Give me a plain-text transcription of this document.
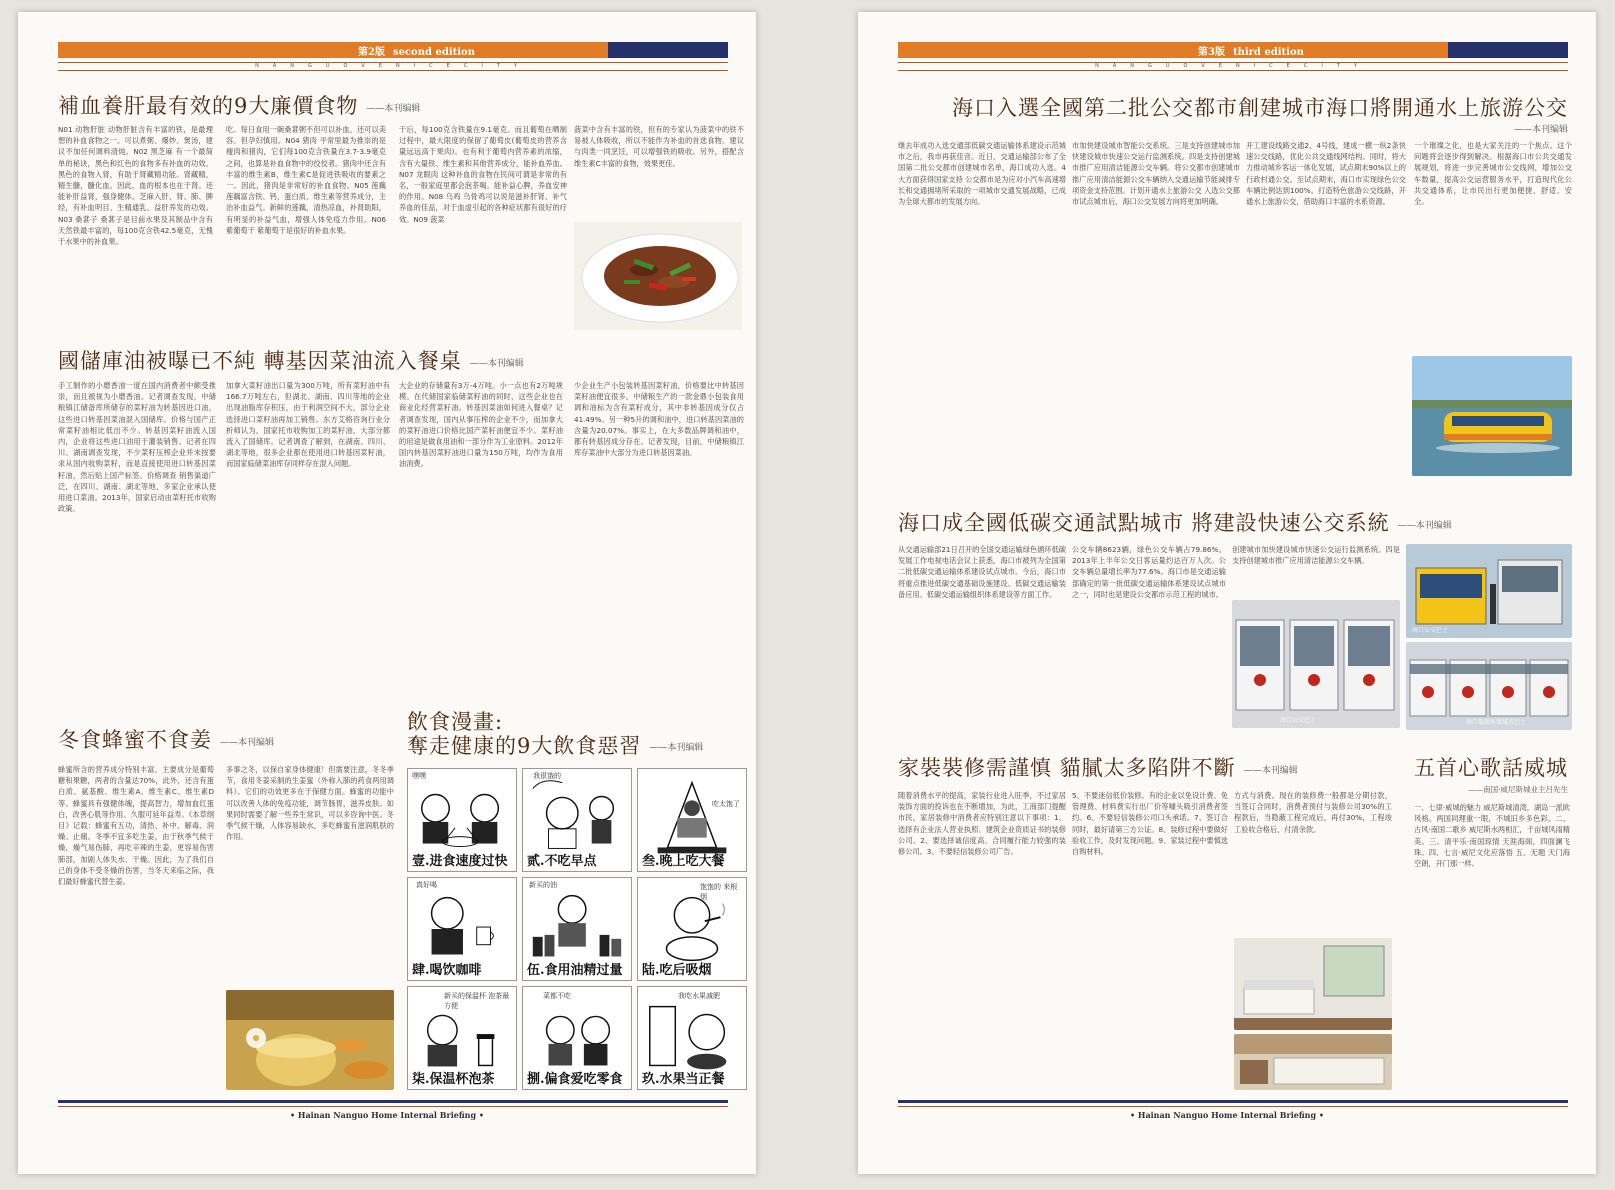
第2版 second edition
NANGUOVENICECITY
補血養肝最有效的9大廉價食物 ——本刊编辑
N01 动物肝脏 动物肝脏含有丰富的铁，是最理想的补血食物之一。可以煮粥、爆炒、煲汤，建议不加任何调料清炖。N02 黑芝麻 有一个最简单的秘诀，黑色和红色的食物多有补血的功效。黑色的食物入肾，有助于肾藏精功能。肾藏精，精生髓，髓化血。因此，血的根本也在于肾。还能补肝益肾，强身健体。芝麻入肝、肾、肺、脾经，有补血明目、生精通乳、益肝养发的功效。N03 桑葚子 桑葚子是目前水果及其制品中含有天然铁最丰富的，每100克含铁42.5毫克，无愧于水果中的补血果。
吃。每日食用一碗桑葚粥不但可以补血，还可以美容。但孕妇慎用。N04 猪肉 平常里最为推崇的是瘦肉和猪肉，它们每100克含铁量在3.7-3.9毫克之间，也算是补血食物中的佼佼者。猪肉中还含有丰富的维生素B，维生素C是促进铁吸收的要素之一。因此，猪肉是非常好的补血食物。N05 莲藕 莲藕富含铁、钙、蛋白质、维生素等营养成分，主治补血益气。新鲜的莲藕，清热凉血，补肾助阳，有明显的补益气血，增强人体免疫力作用。N06 紫葡萄干 紫葡萄干是很好的补血水果。
干后，每100克含铁量在9.1毫克。而且葡萄在晒制过程中，最大限度的保留了葡萄皮(葡萄皮的营养含量远远高于果肉)。也有利于葡萄内营养素的浓缩，含有大量铁、维生素和其他营养成分，能补血养血。N07 龙眼肉 这种补血的食物在民间可谓是非常的有名，一般家庭里都会泡茶喝。能补益心脾，养血安神的作用。N08 乌鸡 乌骨鸡可以说是滋补肝肾、补气养血的佳品，对于血虚引起的各种症状都有很好的疗效。N09 菠菜
菠菜中含有丰富的铁，但有的专家认为菠菜中的铁不易被人体吸收，所以不能作为补血的首选食物。建议与肉类一同烹饪，可以增强铁的吸收。另外，搭配含维生素C丰富的食物，效果更佳。
國儲庫油被曝已不純 轉基因菜油流入餐桌 ——本刊编辑
手工制作的小磨香油一度在国内消费者中颇受推崇，而且被视为小磨香油。记者调查发现，中储粮镇江储备库所储存的菜籽油为转基因进口油，这些进口转基因菜油混入国储库。价格与国产正常菜籽油相比低出不少。转基因菜籽油流入国内，企业将这些进口油用于灌装销售。记者在四川、湖南调查发现，不少菜籽压榨企业并未按要求从国内收购菜籽，而是直接使用进口转基因菜籽油，然后贴上国产标签。价格调查 销售渠道广泛，在四川、湖南、湖北等地，多家企业承认使用进口菜油。2013年，国家启动由菜籽托市收购政策。
加拿大菜籽油出口量为300万吨，所有菜籽油中有166.7万吨左右，但湖北、湖南、四川等地的企业出现油脂库存积压，由于利润空间不大，部分企业选择进口菜籽油再加工销售。东方艾格咨询行业分析师认为，国家托市收购加工的菜籽油，大部分都流入了国储库。记者调查了解到，在湖南、四川、湖北等地，很多企业都在使用进口转基因菜籽油，而国家临储菜油库存同样存在混入问题。
大企业的存储量有3万-4万吨。小一点也有2万吨规模。在代储国家临储菜籽油的同时，这些企业也在商业化经营菜籽油。转基因菜油如何进入餐桌？记者调查发现，国内从事压榨的企业不少，而加拿大的菜籽油进口价格比国产菜籽油便宜不少。菜籽油的用途是做食用油和一部分作为工业原料。2012年国内转基因菜籽油进口量为150万吨，均作为食用油消费。
少企业生产小包装转基因菜籽油，价格要比中转基因菜籽油便宜很多。中储粮生产的一款金鼎小包装食用调和油标为含有菜籽成分，其中非转基因成分仅占41.49%。另一种5升的调和油中，进口转基因菜油的含量为20.07%。事实上，在大多数品牌调和油中，都有转基因成分存在。记者发现，目前，中储粮镇江库存菜油中大部分为进口转基因菜油。
冬食蜂蜜不食姜 ——本刊编辑
蜂蜜所含的营养成分特别丰富，主要成分是葡萄糖和果糖，两者的含量达70%，此外，还含有蛋白质、氨基酸、维生素A、维生素C、维生素D等。蜂蜜具有强健体魄，提高智力，增加血红蛋白，改善心肌等作用。久服可延年益寿。《本草纲目》记载：蜂蜜有五功，清热、补中、解毒、润燥、止痛。冬季不宜多吃生姜，由于秋季气候干燥，燥气易伤肺，再吃辛辣的生姜，更容易伤害肺部，加剧人体失水、干燥。因此，为了我们自己的身体不受冬燥的伤害，当冬天来临之际，我们最好蜂蜜代替生姜。
多事之冬，以保自家身体健康！但需要注意，冬冬季节，食用冬姜采制的生姜蜜（外称入肺的药食两用调料）。它们的功效更多在于保健方面。蜂蜜的功能中可以改善人体的免疫功能，调节肠胃，滋养皮肤。如果同时需要了解一些养生常识，可以多咨询中医。冬季气候干燥，人体容易缺水，多吃蜂蜜有滋润肌肤的作用。
飲食漫畫:
奪走健康的9大飲食惡習 ——本刊编辑
嘿嘿
壹.进食速度过快
我很饿的
贰.不吃早点
吃太饱了
叁.晚上吃大餐
真好喝
肆.喝饮咖啡
新买的油
伍.食用油精过量
饱饱的 来根烟
陆.吃后吸烟
新买的保温杯 泡茶最方便
柒.保温杯泡茶
菜都不吃
捌.偏食爱吃零食
我吃水果减肥
玖.水果当正餐
• Hainan Nanguo Home Internal Briefing •
第3版 third edition
NANGUOVENICECITY
海口入選全國第二批公交都市創建城市海口將開通水上旅游公交
——本刊编辑
继去年成功入选交通部低碳交通运输体系建设示范城市之后，我市再获佳音。近日，交通运输部公布了全国第二批公交都市创建城市名单，海口成功入选。4大方面获得国家支持 公交都市是为应对小汽车高速增长和交通拥堵所采取的一项城市交通发展战略，已成为全球大都市的发展方向。
市加快建设城市智能公交系统。三是支持创建城市加快建设城市快速公交运行监测系统。四是支持创建城市推广应用清洁能源公交车辆。将公交都市创建城市推广应用清洁能源公交车辆纳入交通运输节能减排专项资金支持范围。计划开通水上旅游公交 入选公交都市试点城市后，海口公交发展方向将更加明确。
开工建设线路交通2、4号线，建成一横一纵2条快速公交线路，优化公共交通线网结构。同时，将大力推动城乡客运一体化发展，试点期末90%以上的行政村通公交。至试点期末，海口市实现绿色公交车辆比例达到100%。打造特色旅游公交线路，开通水上旅游公交，借助海口丰富的水系资源。
一个璀璨之化，也是大家关注的一个焦点。这个问题将会逐步得到解决。根据海口市公共交通发展规划，将进一步完善城市公交线网，增加公交车数量，提高公交运营服务水平，打造现代化公共交通体系，让市民出行更加便捷、舒适、安全。
海口成全國低碳交通試點城市 將建設快速公交系統 ——本刊编辑
从交通运输部21日召开的全国交通运输绿色循环低碳发展工作电视电话会议上获悉，海口市被列为全国第二批低碳交通运输体系建设试点城市。今后，海口市将重点推进低碳交通基础设施建设、低碳交通运输装备应用、低碳交通运输组织体系建设等方面工作。
公交车辆8623辆，绿色公交车辆占79.86%。2013年上半年公交日客运量约达百万人次。公交车辆总量增长率为77.6%。海口市是交通运输部确定的第一批低碳交通运输体系建设试点城市之一，同时也是建设公交都市示范工程的城市。
创建城市加快建设城市快速公交运行监测系统。四是支持创建城市推广应用清洁能源公交车辆。
海口公交巴士
海口公交巴士
海口低碳环保城市巴士
家裝裝修需謹慎 貓膩太多陷阱不斷 ——本刊编辑
随着消费水平的提高，家装行业进入旺季，不过家居装饰方面的投诉也在不断增加，为此，工商部门提醒市民，家居装修中消费者应特别注意以下事项：1、选择有企业法人营业执照、建筑企业资质证书的装修公司。2、要选择诚信度高、合同履行能力较强的装修公司。3、不要轻信装修公司广告。
5、不要迷信低价装修。有的企业以免设计费、免管理费、材料费实行出厂价等噱头吸引消费者签约。6、不要轻信装修公司口头承诺。7、签订合同时，最好请第三方公证。8、装修过程中要做好验收工作，及时发现问题。9、家装过程中要慎选自购材料。
方式与消费。现在的装修费一般都是分期付款，当签订合同时，消费者预付与装修公司30%的工程款后，当隐蔽工程完成后，再付30%，工程竣工验收合格后，付清余款。
五首心歌話威城
——南国·威尼斯城业主吕先生
一、七律·威城的魅力 威尼斯城清湾，湖岛一派欧风格。两国同理重一眼，不城旧乡多色彩。二、古风·南国二歌乡 威尼斯水两相汇，千亩城风雨精美。三、清平乐·南国琼情 天涯海阁，四面澜飞珠。四、七言·威尼文化应落悟 五、无题 天门海空朗，开门那一样。
• Hainan Nanguo Home Internal Briefing •
